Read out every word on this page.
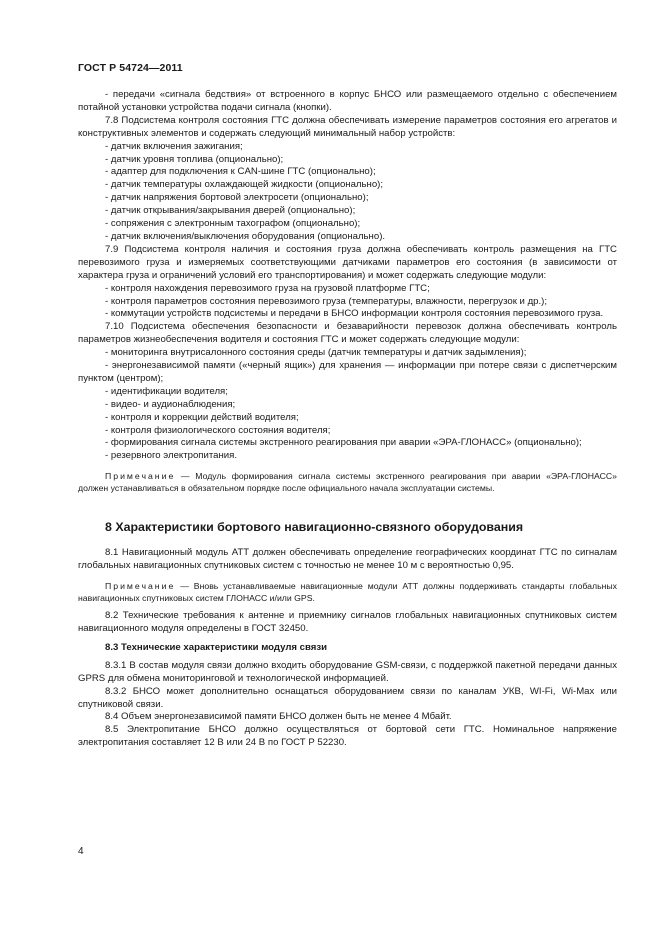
ГОСТ Р 54724—2011

- передачи «сигнала бедствия» от встроенного в корпус БНСО или размещаемого отдельно с обеспечением потайной установки устройства подачи сигнала (кнопки).

7.8 Подсистема контроля состояния ГТС должна обеспечивать измерение параметров состояния его агрегатов и конструктивных элементов и содержать следующий минимальный набор устройств:

- датчик включения зажигания;

- датчик уровня топлива (опционально);

- адаптер для подключения к CAN-шине ГТС (опционально);

- датчик температуры охлаждающей жидкости (опционально);

- датчик напряжения бортовой электросети (опционально);

- датчик открывания/закрывания дверей (опционально);

- сопряжения с электронным тахографом (опционально);

- датчик включения/выключения оборудования (опционально).

7.9 Подсистема контроля наличия и состояния груза должна обеспечивать контроль размещения на ГТС перевозимого груза и измеряемых соответствующими датчиками параметров его состояния (в зависимости от характера груза и ограничений условий его транспортирования) и может содержать следующие модули:

- контроля нахождения перевозимого груза на грузовой платформе ГТС;

- контроля параметров состояния перевозимого груза (температуры, влажности, перегрузок и др.);

- коммутации устройств подсистемы и передачи в БНСО информации контроля состояния перевозимого груза.

7.10 Подсистема обеспечения безопасности и безаварийности перевозок должна обеспечивать контроль параметров жизнеобеспечения водителя и состояния ГТС и может содержать следующие модули:

- мониторинга внутрисалонного состояния среды (датчик температуры и датчик задымления);

- энергонезависимой памяти («черный ящик») для хранения — информации при потере связи с диспетчерским пунктом (центром);

- идентификации водителя;

- видео- и аудионаблюдения;

- контроля и коррекции действий водителя;

- контроля физиологического состояния водителя;

- формирования сигнала системы экстренного реагирования при аварии «ЭРА-ГЛОНАСС» (опционально);

- резервного электропитания.

Примечание — Модуль формирования сигнала системы экстренного реагирования при аварии «ЭРА-ГЛОНАСС» должен устанавливаться в обязательном порядке после официального начала эксплуатации системы.

8 Характеристики бортового навигационно-связного оборудования

8.1 Навигационный модуль АТТ должен обеспечивать определение географических координат ГТС по сигналам глобальных навигационных спутниковых систем с точностью не менее 10 м с вероятностью 0,95.

Примечание — Вновь устанавливаемые навигационные модули АТТ должны поддерживать стандарты глобальных навигационных спутниковых систем ГЛОНАСС и/или GPS.

8.2 Технические требования к антенне и приемнику сигналов глобальных навигационных спутниковых систем навигационного модуля определены в ГОСТ 32450.

8.3 Технические характеристики модуля связи

8.3.1 В состав модуля связи должно входить оборудование GSM-связи, с поддержкой пакетной передачи данных GPRS для обмена мониторинговой и технологической информацией.

8.3.2 БНСО может дополнительно оснащаться оборудованием связи по каналам УКВ, WI-Fi, Wi-Max или спутниковой связи.

8.4 Объем энергонезависимой памяти БНСО должен быть не менее 4 Мбайт.

8.5 Электропитание БНСО должно осуществляться от бортовой сети ГТС. Номинальное напряжение электропитания составляет 12 В или 24 В по ГОСТ Р 52230.

4
